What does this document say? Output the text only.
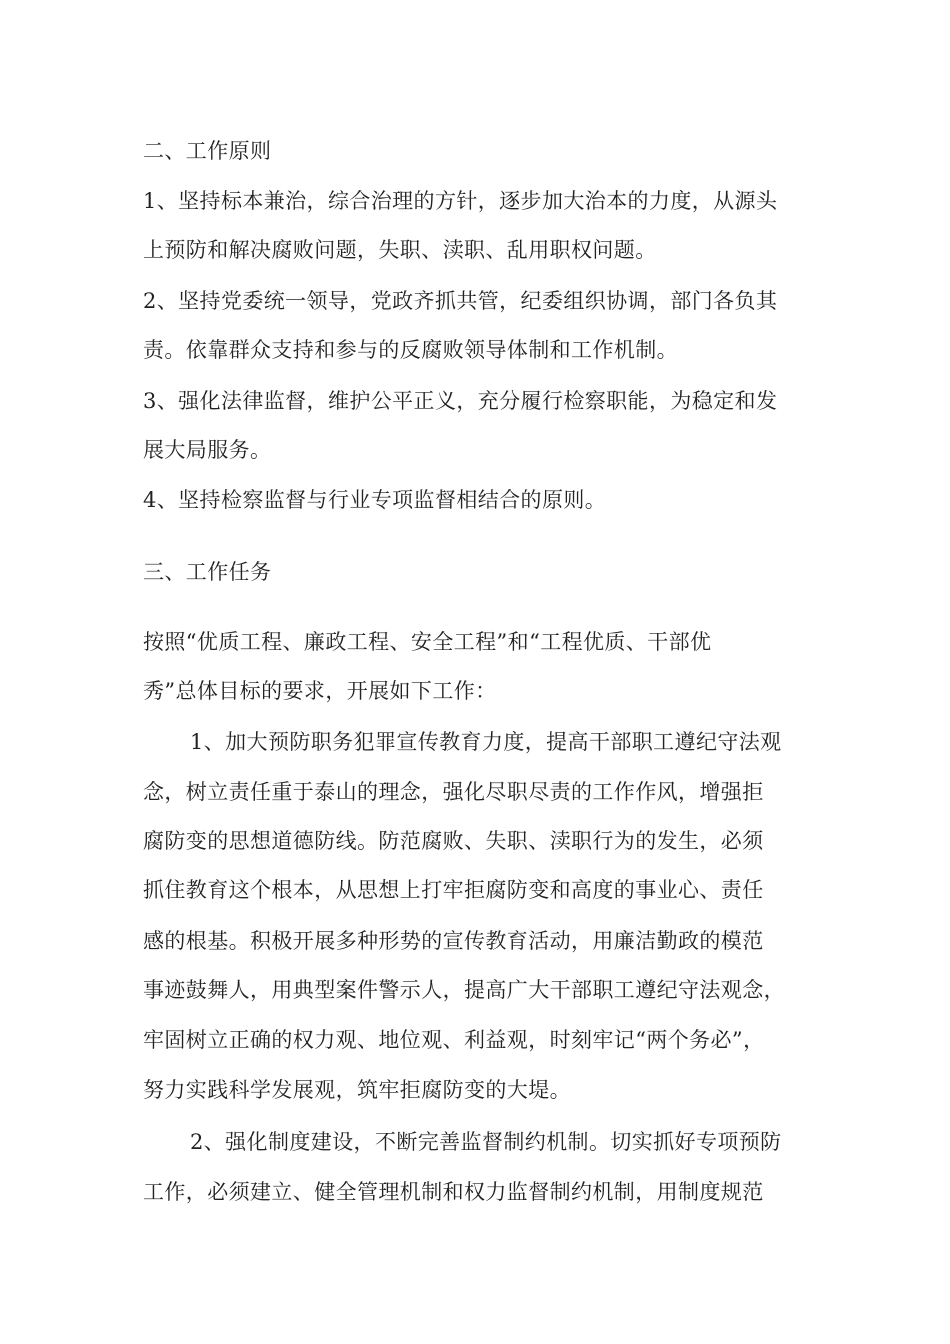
二、工作原则
1、坚持标本兼治，综合治理的方针，逐步加大治本的力度，从源头
上预防和解决腐败问题，失职、渎职、乱用职权问题。
2、坚持党委统一领导，党政齐抓共管，纪委组织协调，部门各负其
责。依靠群众支持和参与的反腐败领导体制和工作机制。
3、强化法律监督，维护公平正义，充分履行检察职能，为稳定和发
展大局服务。
4、坚持检察监督与行业专项监督相结合的原则。
三、工作任务
按照“优质工程、廉政工程、安全工程”和“工程优质、干部优
秀”总体目标的要求，开展如下工作：
1、加大预防职务犯罪宣传教育力度，提高干部职工遵纪守法观
念，树立责任重于泰山的理念，强化尽职尽责的工作作风，增强拒
腐防变的思想道德防线。防范腐败、失职、渎职行为的发生，必须
抓住教育这个根本，从思想上打牢拒腐防变和高度的事业心、责任
感的根基。积极开展多种形势的宣传教育活动，用廉洁勤政的模范
事迹鼓舞人，用典型案件警示人，提高广大干部职工遵纪守法观念，
牢固树立正确的权力观、地位观、利益观，时刻牢记“两个务必”，
努力实践科学发展观，筑牢拒腐防变的大堤。
2、强化制度建设，不断完善监督制约机制。切实抓好专项预防
工作，必须建立、健全管理机制和权力监督制约机制，用制度规范
